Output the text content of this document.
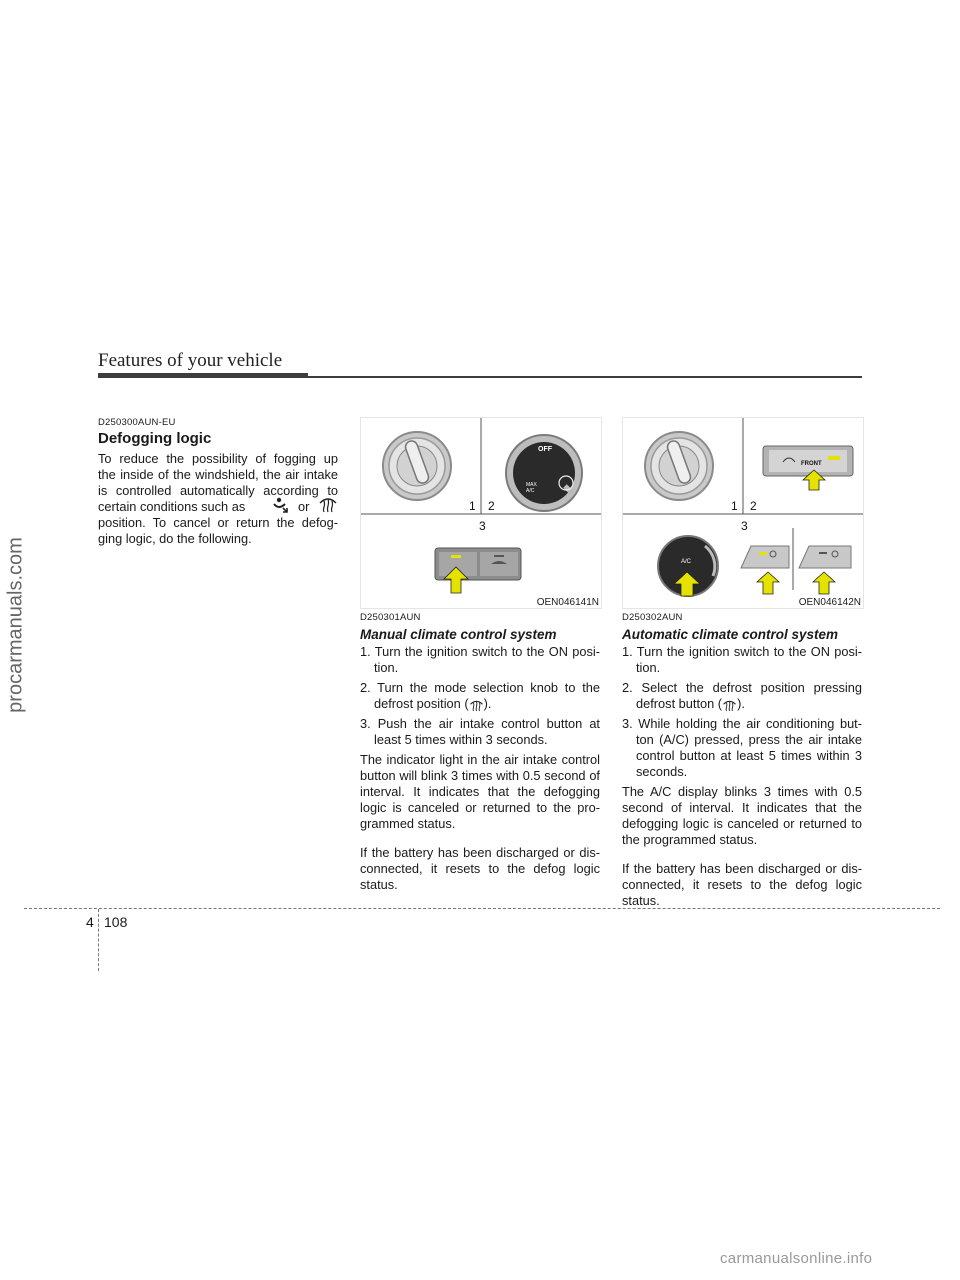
Features of your vehicle
procarmanuals.com
D250300AUN-EU
Defogging logic
To reduce the possibility of fogging up
the inside of the windshield, the air intake
is controlled automatically according to
certain conditions such as	or
position. To cancel or return the defog-
ging logic, do the following.
OFF
MAX
A/C
1 2
3
OEN046141N
FRONT
1 2
3
A/C
OEN046142N
D250301AUN
Manual climate control system
1. Turn the ignition switch to the ON posi-tion.
2. Turn the mode selection knob to the defrost position ( ).
3. Push the air intake control button at least 5 times within 3 seconds.
The indicator light in the air intake control button will blink 3 times with 0.5 second of interval. It indicates that the defogging logic is canceled or returned to the pro-grammed status.
If the battery has been discharged or dis-connected, it resets to the defog logic status.
D250302AUN
Automatic climate control system
1. Turn the ignition switch to the ON posi-tion.
2. Select the defrost position pressing defrost button ( ).
3. While holding the air conditioning but-ton (A/C) pressed, press the air intake control button at least 5 times within 3 seconds.
The A/C display blinks 3 times with 0.5 second of interval. It indicates that the defogging logic is canceled or returned to the programmed status.
If the battery has been discharged or dis-connected, it resets to the defog logic status.
4 108
carmanualsonline.info
